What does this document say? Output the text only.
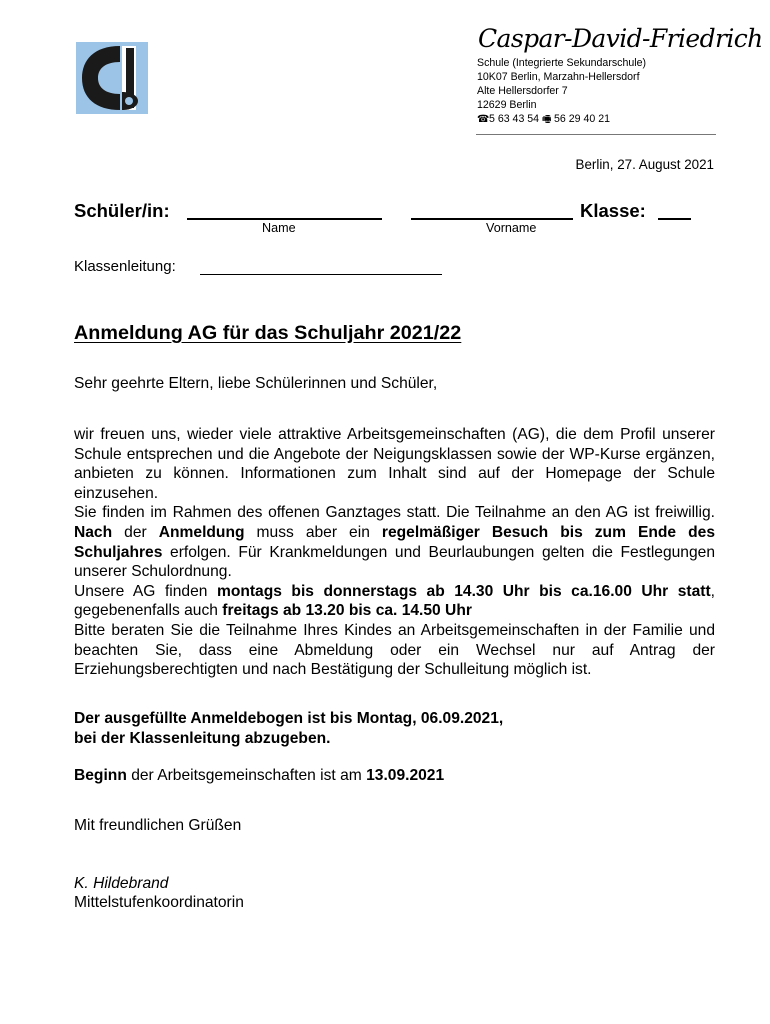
Caspar-David-Friedrich
Schule (Integrierte Sekundarschule)
10K07 Berlin, Marzahn-Hellersdorf
Alte Hellersdorfer 7
12629 Berlin
☎5 63 43 54 🖷 56 29 40 21
Berlin, 27. August 2021
Schüler/in:	Klasse:
Name	Vorname
Klassenleitung:
Anmeldung AG für das Schuljahr 2021/22
Sehr geehrte Eltern, liebe Schülerinnen und Schüler,
wir freuen uns, wieder viele attraktive Arbeitsgemeinschaften (AG), die dem Profil unserer Schule entsprechen und die Angebote der Neigungsklassen sowie der WP-Kurse ergänzen, anbieten zu können. Informationen zum Inhalt sind auf der Homepage der Schule einzusehen.
Sie finden im Rahmen des offenen Ganztages statt. Die Teilnahme an den AG ist freiwillig. Nach der Anmeldung muss aber ein regelmäßiger Besuch bis zum Ende des Schuljahres erfolgen. Für Krankmeldungen und Beurlaubungen gelten die Festlegungen unserer Schulordnung.
Unsere AG finden montags bis donnerstags ab 14.30 Uhr bis ca.16.00 Uhr statt, gegebenenfalls auch freitags ab 13.20 bis ca. 14.50 Uhr
Bitte beraten Sie die Teilnahme Ihres Kindes an Arbeitsgemeinschaften in der Familie und beachten Sie, dass eine Abmeldung oder ein Wechsel nur auf Antrag der Erziehungsberechtigten und nach Bestätigung der Schulleitung möglich ist.
Der ausgefüllte Anmeldebogen ist bis Montag, 06.09.2021,
bei der Klassenleitung abzugeben.
Beginn der Arbeitsgemeinschaften ist am 13.09.2021
Mit freundlichen Grüßen
K. Hildebrand
Mittelstufenkoordinatorin
